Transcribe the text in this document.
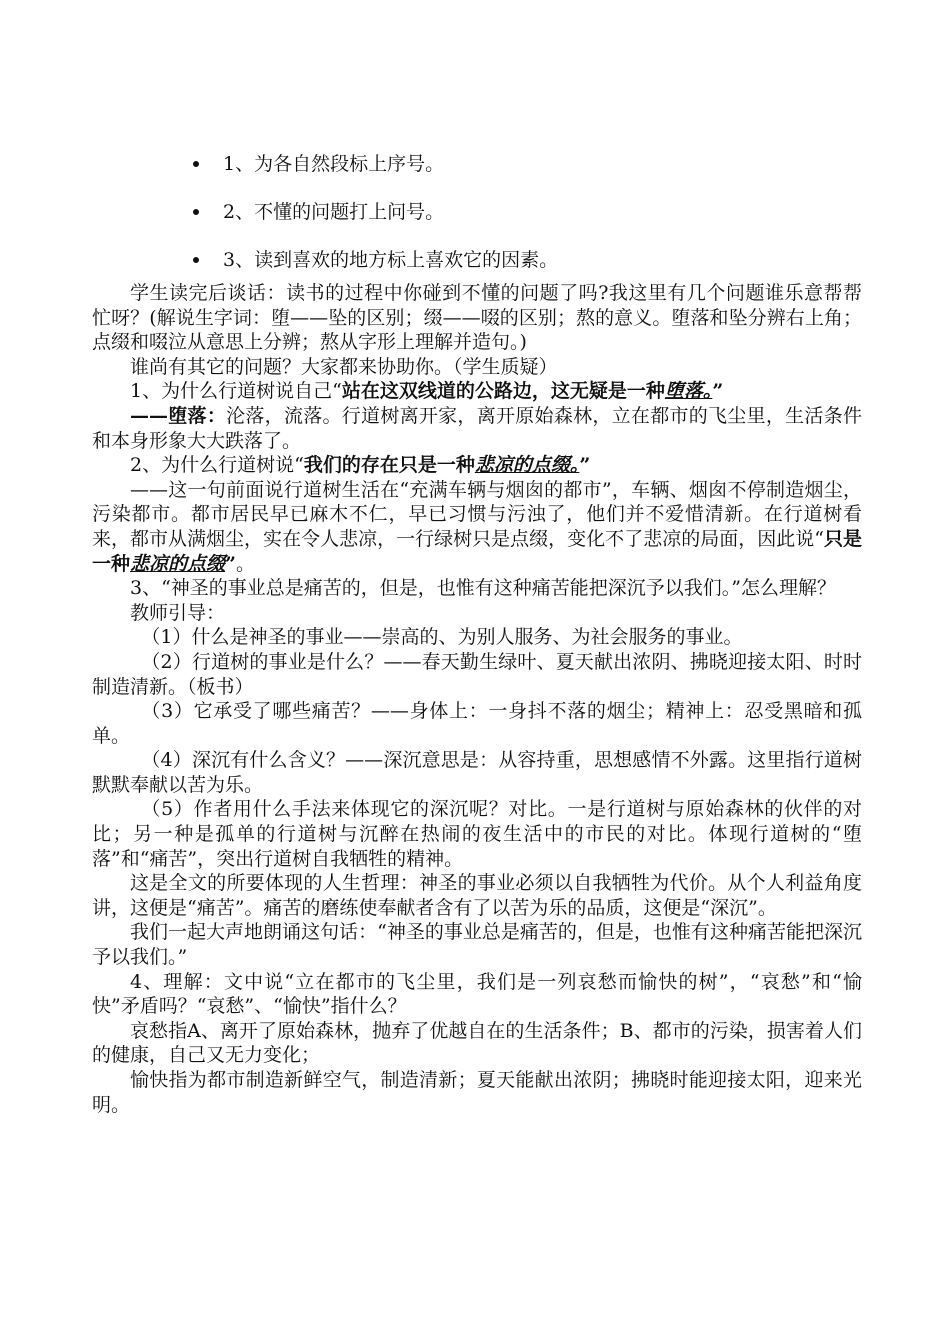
1、为各自然段标上序号。
2、不懂的问题打上问号。
3、读到喜欢的地方标上喜欢它的因素。

学生读完后谈话：读书的过程中你碰到不懂的问题了吗?我这里有几个问题谁乐意帮帮忙呀？(解说生字词：堕——坠的区别；缀——啜的区别；熬的意义。堕落和坠分辨右上角；点缀和啜泣从意思上分辨；熬从字形上理解并造句。)

谁尚有其它的问题？大家都来协助你。（学生质疑）

1、为什么行道树说自己“站在这双线道的公路边，这无疑是一种堕落。”

——堕落：沦落，流落。行道树离开家，离开原始森林，立在都市的飞尘里，生活条件和本身形象大大跌落了。

2、为什么行道树说“我们的存在只是一种悲凉的点缀。”

——这一句前面说行道树生活在“充满车辆与烟囱的都市”，车辆、烟囱不停制造烟尘，污染都市。都市居民早已麻木不仁，早已习惯与污浊了，他们并不爱惜清新。在行道树看来，都市从满烟尘，实在令人悲凉，一行绿树只是点缀，变化不了悲凉的局面，因此说“只是一种悲凉的点缀”。

3、“神圣的事业总是痛苦的，但是，也惟有这种痛苦能把深沉予以我们。”怎么理解？

教师引导：

（1）什么是神圣的事业——崇高的、为别人服务、为社会服务的事业。

（2）行道树的事业是什么？——春天勤生绿叶、夏天献出浓阴、拂晓迎接太阳、时时制造清新。（板书）

（3）它承受了哪些痛苦？——身体上：一身抖不落的烟尘；精神上：忍受黑暗和孤单。

（4）深沉有什么含义？——深沉意思是：从容持重，思想感情不外露。这里指行道树默默奉献以苦为乐。

（5）作者用什么手法来体现它的深沉呢？对比。一是行道树与原始森林的伙伴的对比；另一种是孤单的行道树与沉醉在热闹的夜生活中的市民的对比。体现行道树的“堕落”和“痛苦”，突出行道树自我牺牲的精神。

这是全文的所要体现的人生哲理：神圣的事业必须以自我牺牲为代价。从个人利益角度讲，这便是“痛苦”。痛苦的磨练使奉献者含有了以苦为乐的品质，这便是“深沉”。

我们一起大声地朗诵这句话：“神圣的事业总是痛苦的，但是，也惟有这种痛苦能把深沉予以我们。”

4、理解：文中说“立在都市的飞尘里，我们是一列哀愁而愉快的树”，“哀愁”和“愉快”矛盾吗？“哀愁”、“愉快”指什么？

哀愁指A、离开了原始森林，抛弃了优越自在的生活条件；B、都市的污染，损害着人们的健康，自己又无力变化；

愉快指为都市制造新鲜空气，制造清新；夏天能献出浓阴；拂晓时能迎接太阳，迎来光明。
